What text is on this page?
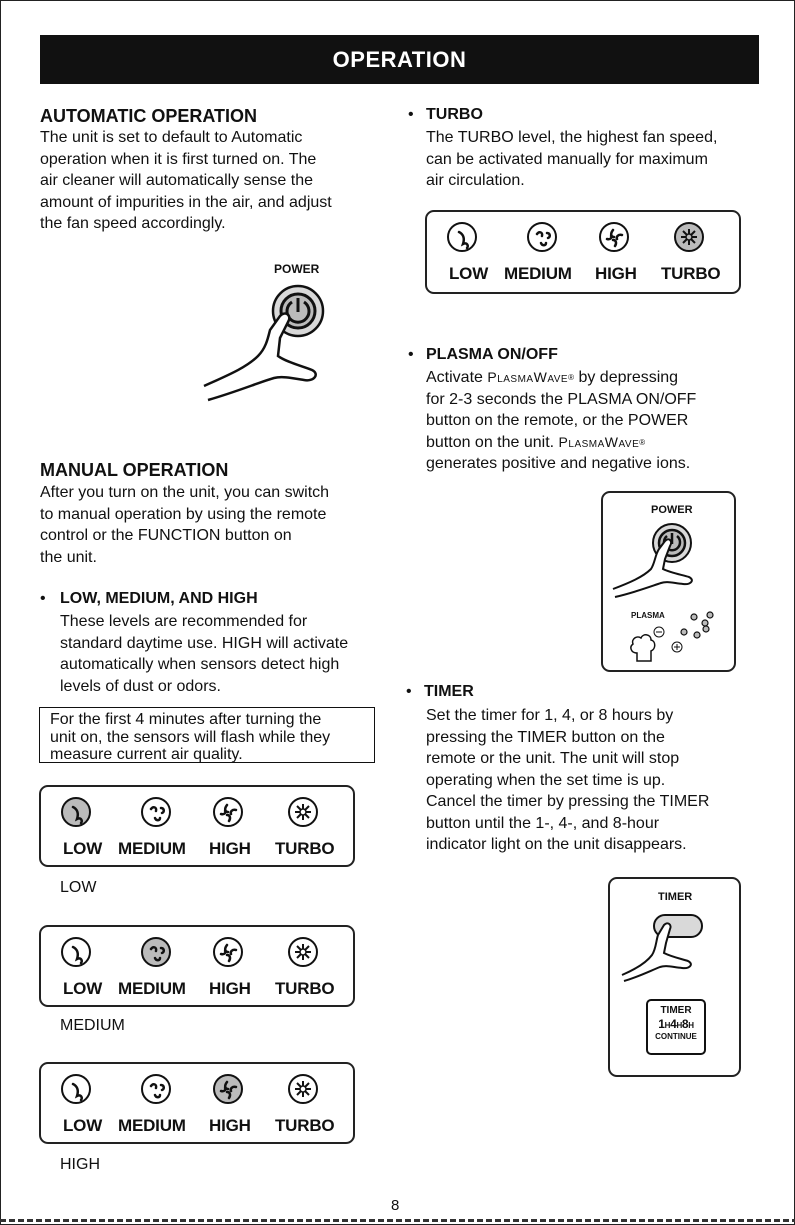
OPERATION
AUTOMATIC OPERATION
The unit is set to default to Automatic
operation when it is first turned on. The
air cleaner will automatically sense the
amount of impurities in the air, and adjust
the fan speed accordingly.
POWER
MANUAL OPERATION
After you turn on the unit, you can switch
to manual operation by using the remote
control or the FUNCTION button on
the unit.
• LOW, MEDIUM, AND HIGH
These levels are recommended for
standard daytime use. HIGH will activate
automatically when sensors detect high
levels of dust or odors.
For the first 4 minutes after turning the
unit on, the sensors will flash while they
measure current air quality.
LOW MEDIUM HIGH TURBO
LOW
LOW MEDIUM HIGH TURBO
MEDIUM
LOW MEDIUM HIGH TURBO
HIGH
• TURBO
The TURBO level, the highest fan speed,
can be activated manually for maximum
air circulation.
LOW MEDIUM HIGH TURBO
• PLASMA ON/OFF
Activate PlasmaWave® by depressing
for 2-3 seconds the PLASMA ON/OFF
button on the remote, or the POWER
button on the unit. PlasmaWave®
generates positive and negative ions.
POWER
PLASMA
• TIMER
Set the timer for 1, 4, or 8 hours by
pressing the TIMER button on the
remote or the unit. The unit will stop
operating when the set time is up.
Cancel the timer by pressing the TIMER
button until the 1-, 4-, and 8-hour
indicator light on the unit disappears.
TIMER
TIMER
1H4H8H
CONTINUE
8
